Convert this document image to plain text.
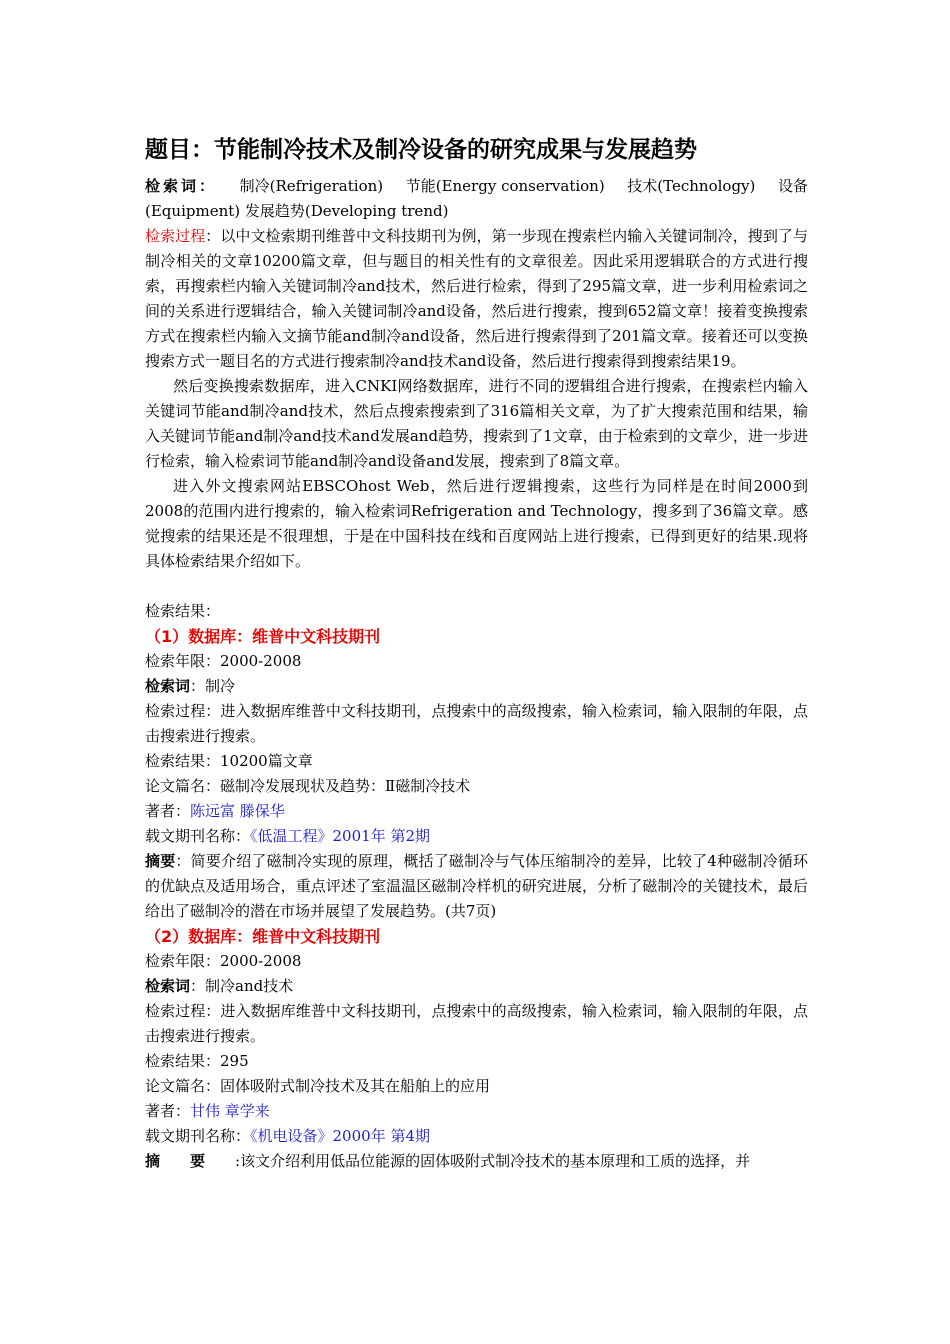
题目：节能制冷技术及制冷设备的研究成果与发展趋势
检索词： 制冷(Refrigeration) 节能(Energy conservation) 技术(Technology) 设备

(Equipment) 发展趋势(Developing trend)

检索过程：以中文检索期刊维普中文科技期刊为例，第一步现在搜索栏内输入关键词制冷，搜到了与制冷相关的文章10200篇文章，但与题目的相关性有的文章很差。因此采用逻辑联合的方式进行搜索，再搜索栏内输入关键词制冷and技术，然后进行检索，得到了295篇文章，进一步利用检索词之间的关系进行逻辑结合，输入关键词制冷and设备，然后进行搜索，搜到652篇文章！接着变换搜索方式在搜索栏内输入文摘节能and制冷and设备，然后进行搜索得到了201篇文章。接着还可以变换搜索方式一题目名的方式进行搜索制冷and技术and设备，然后进行搜索得到搜索结果19。

然后变换搜索数据库，进入CNKI网络数据库，进行不同的逻辑组合进行搜索，在搜索栏内输入关键词节能and制冷and技术，然后点搜索搜索到了316篇相关文章，为了扩大搜索范围和结果，输入关键词节能and制冷and技术and发展and趋势，搜索到了1文章，由于检索到的文章少，进一步进行检索，输入检索词节能and制冷and设备and发展，搜索到了8篇文章。

进入外文搜索网站EBSCOhost Web，然后进行逻辑搜索，这些行为同样是在时间2000到2008的范围内进行搜索的，输入检索词Refrigeration and Technology，搜多到了36篇文章。感觉搜索的结果还是不很理想，于是在中国科技在线和百度网站上进行搜索，已得到更好的结果.现将具体检索结果介绍如下。

检索结果：

（1）数据库：维普中文科技期刊

检索年限：2000-2008

检索词：制冷

检索过程：进入数据库维普中文科技期刊，点搜索中的高级搜索，输入检索词，输入限制的年限，点击搜索进行搜索。

检索结果：10200篇文章

论文篇名：磁制冷发展现状及趋势：Ⅱ磁制冷技术

著者：陈远富 滕保华

载文期刊名称：《低温工程》2001年 第2期

摘要：简要介绍了磁制冷实现的原理，概括了磁制冷与气体压缩制冷的差异，比较了4种磁制冷循环的优缺点及适用场合，重点评述了室温温区磁制冷样机的研究进展，分析了磁制冷的关键技术，最后给出了磁制冷的潜在市场并展望了发展趋势。(共7页)

（2）数据库：维普中文科技期刊

检索年限：2000-2008

检索词：制冷and技术

检索过程：进入数据库维普中文科技期刊，点搜索中的高级搜索，输入检索词，输入限制的年限，点击搜索进行搜索。

检索结果：295

论文篇名：固体吸附式制冷技术及其在船舶上的应用

著者：甘伟 章学来

载文期刊名称：《机电设备》2000年 第4期

摘要:该文介绍利用低品位能源的固体吸附式制冷技术的基本原理和工质的选择，并
